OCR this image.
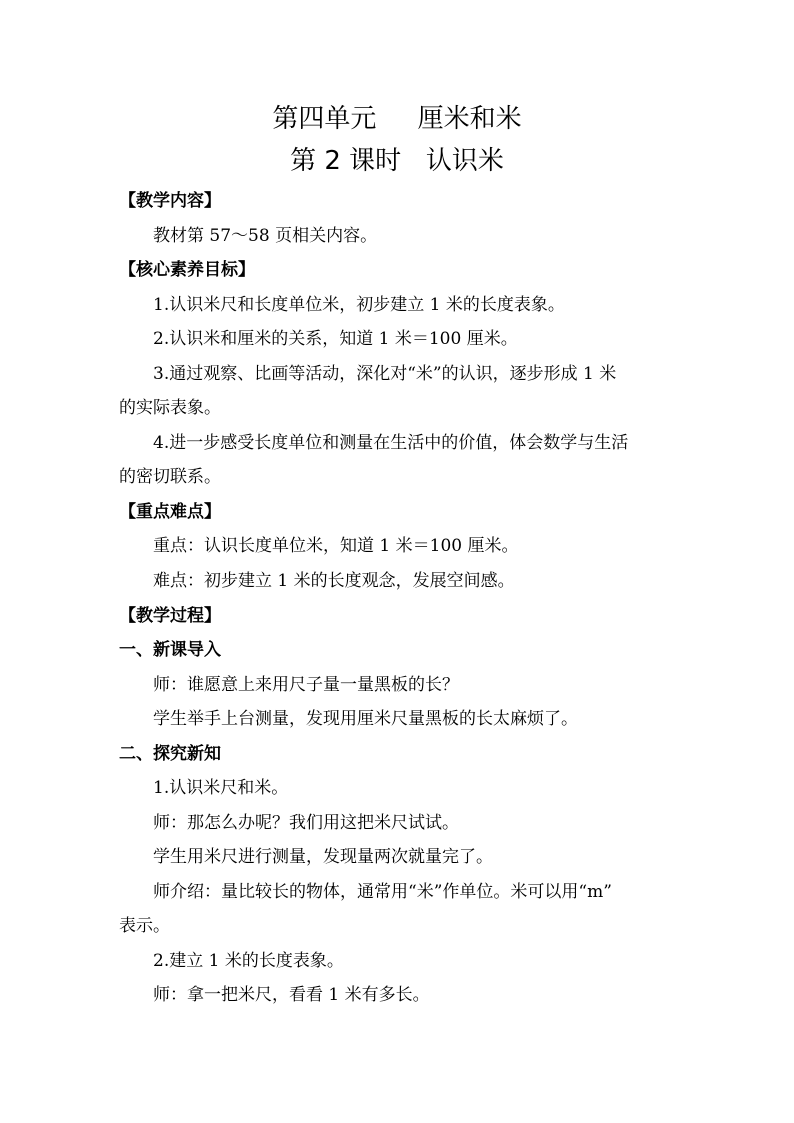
第四单元     厘米和米
第 2 课时   认识米
【教学内容】
教材第 57～58 页相关内容。
【核心素养目标】
1.认识米尺和长度单位米，初步建立 1 米的长度表象。
2.认识米和厘米的关系，知道 1 米＝100 厘米。
3.通过观察、比画等活动，深化对“米”的认识，逐步形成 1 米
的实际表象。
4.进一步感受长度单位和测量在生活中的价值，体会数学与生活
的密切联系。
【重点难点】
重点：认识长度单位米，知道 1 米＝100 厘米。
难点：初步建立 1 米的长度观念，发展空间感。
【教学过程】
一、新课导入
师：谁愿意上来用尺子量一量黑板的长？
学生举手上台测量，发现用厘米尺量黑板的长太麻烦了。
二、探究新知
1.认识米尺和米。
师：那怎么办呢？我们用这把米尺试试。
学生用米尺进行测量，发现量两次就量完了。
师介绍：量比较长的物体，通常用“米”作单位。米可以用“m”
表示。
2.建立 1 米的长度表象。
师：拿一把米尺，看看 1 米有多长。
